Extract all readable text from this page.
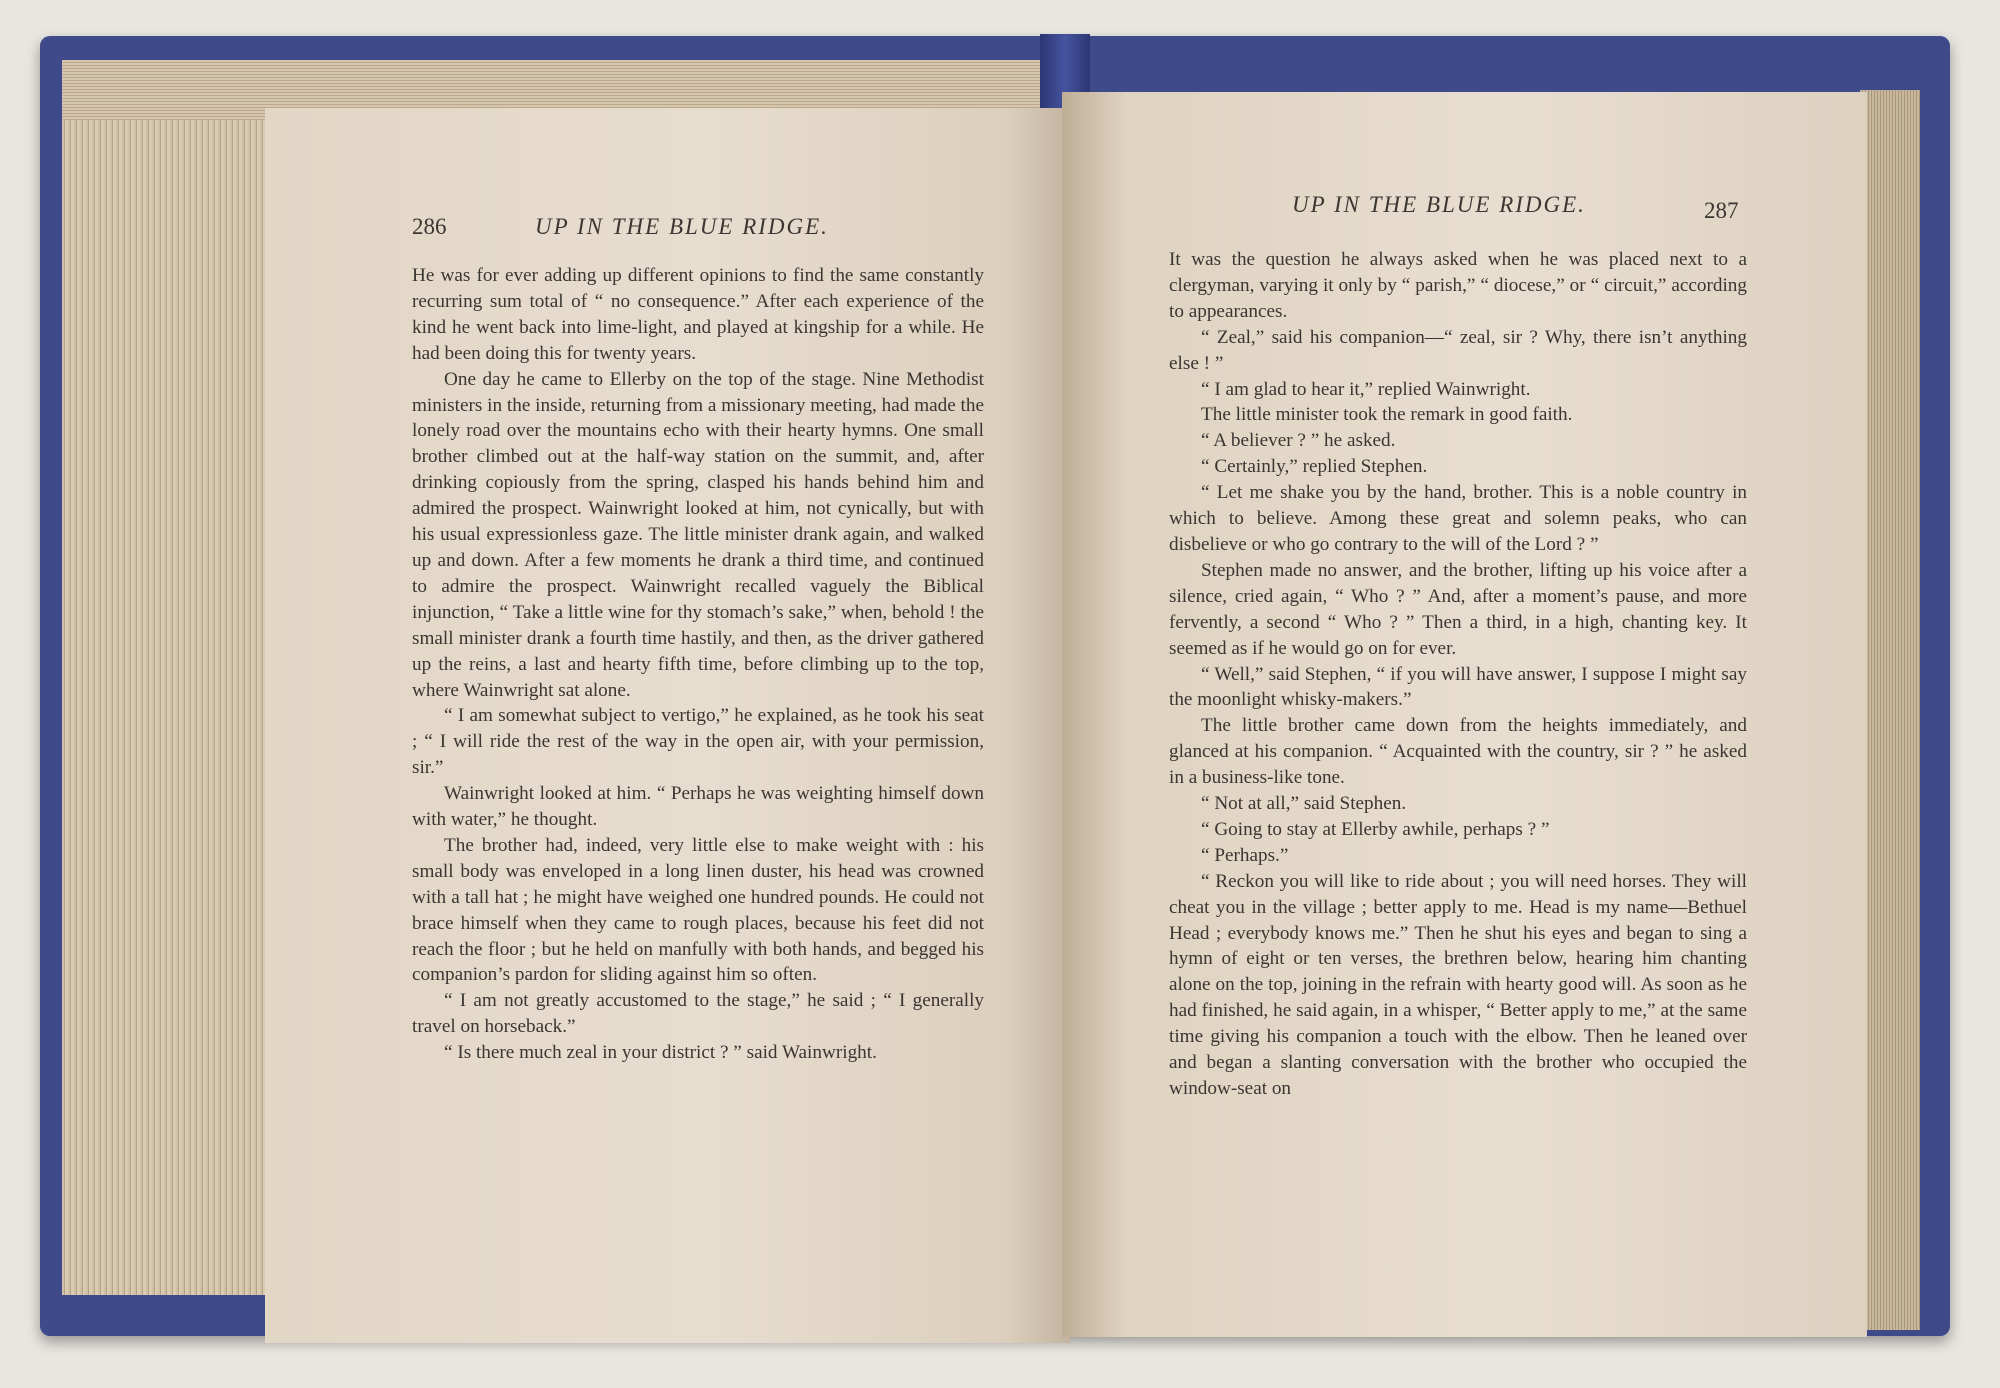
286	UP IN THE BLUE RIDGE.

He was for ever adding up different opinions to find the same constantly recurring sum total of “ no consequence.” After each experience of the kind he went back into lime-light, and played at kingship for a while. He had been doing this for twenty years.

One day he came to Ellerby on the top of the stage. Nine Methodist ministers in the inside, returning from a missionary meeting, had made the lonely road over the mountains echo with their hearty hymns. One small brother climbed out at the half-way station on the summit, and, after drinking copiously from the spring, clasped his hands behind him and admired the prospect. Wainwright looked at him, not cynically, but with his usual expressionless gaze. The little minister drank again, and walked up and down. After a few moments he drank a third time, and continued to admire the prospect. Wainwright recalled vaguely the Biblical injunction, “ Take a little wine for thy stomach’s sake,” when, behold ! the small minister drank a fourth time hastily, and then, as the driver gathered up the reins, a last and hearty fifth time, before climbing up to the top, where Wainwright sat alone.

“ I am somewhat subject to vertigo,” he explained, as he took his seat ; “ I will ride the rest of the way in the open air, with your permission, sir.”

Wainwright looked at him. “ Perhaps he was weighting himself down with water,” he thought.

The brother had, indeed, very little else to make weight with : his small body was enveloped in a long linen duster, his head was crowned with a tall hat ; he might have weighed one hundred pounds. He could not brace himself when they came to rough places, because his feet did not reach the floor ; but he held on manfully with both hands, and begged his companion’s pardon for sliding against him so often.

“ I am not greatly accustomed to the stage,” he said ; “ I generally travel on horseback.”

“ Is there much zeal in your district ? ” said Wainwright.

UP IN THE BLUE RIDGE.	287

It was the question he always asked when he was placed next to a clergyman, varying it only by “ parish,” “ diocese,” or “ circuit,” according to appearances.

“ Zeal,” said his companion—“ zeal, sir ? Why, there isn’t anything else ! ”

“ I am glad to hear it,” replied Wainwright.

The little minister took the remark in good faith.

“ A believer ? ” he asked.

“ Certainly,” replied Stephen.

“ Let me shake you by the hand, brother. This is a noble country in which to believe. Among these great and solemn peaks, who can disbelieve or who go contrary to the will of the Lord ? ”

Stephen made no answer, and the brother, lifting up his voice after a silence, cried again, “ Who ? ” And, after a moment’s pause, and more fervently, a second “ Who ? ” Then a third, in a high, chanting key. It seemed as if he would go on for ever.

“ Well,” said Stephen, “ if you will have answer, I suppose I might say the moonlight whisky-makers.”

The little brother came down from the heights immediately, and glanced at his companion. “ Acquainted with the country, sir ? ” he asked in a business-like tone.

“ Not at all,” said Stephen.

“ Going to stay at Ellerby awhile, perhaps ? ”

“ Perhaps.”

“ Reckon you will like to ride about ; you will need horses. They will cheat you in the village ; better apply to me. Head is my name—Bethuel Head ; everybody knows me.” Then he shut his eyes and began to sing a hymn of eight or ten verses, the brethren below, hearing him chanting alone on the top, joining in the refrain with hearty good will. As soon as he had finished, he said again, in a whisper, “ Better apply to me,” at the same time giving his companion a touch with the elbow. Then he leaned over and began a slanting conversation with the brother who occupied the window-seat on
